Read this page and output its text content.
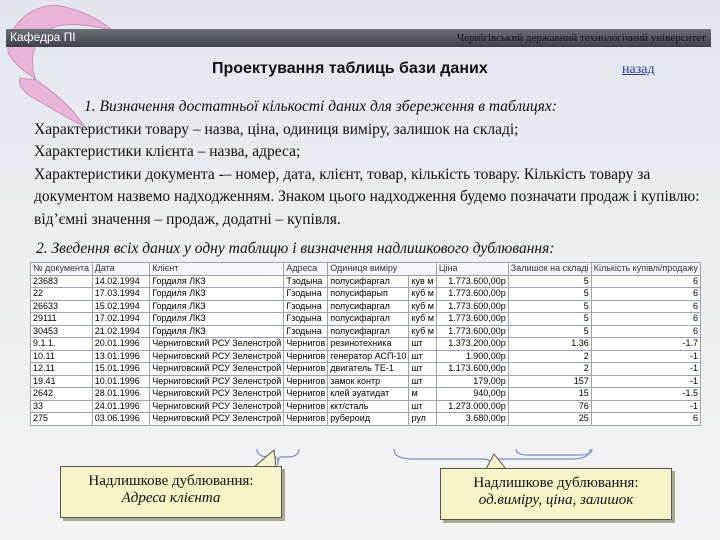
Кафедра ПІ	Чернігівський державний технологічний університет
Проектування таблиць бази даних	назад

1. Визначення достатньої кількості даних для збереження в таблицях:

Характеристики товару – назва, ціна, одиниця виміру, залишок на складі;

Характеристики клієнта – назва, адреса;

Характеристики документа -– номер, дата, клієнт, товар, кількість товару. Кількість товару за документом назвемо надходженням. Знаком цього надходження будемо позначати продаж і купівлю: від’ємні значення – продаж, додатні – купівля.

2. Зведення всіх даних у одну таблицю і визначення надлишкового дублювання:
№ документа	Дата	Клієнт	Адреса	Одиниця виміру		Ціна	Залишок на складі	Кількість купівлі/продажу
23683	14.02.1994	Гордиля ЛКЗ	Тзодына	полусифаргал	кув м	1.773.600,00р	5	6
22	17.03.1994	Гордиля ЛКЗ	Гзодына	полусифарып	куб м	1.773.600,00р	5	6
26633	15.02.1994	Гордиля ЛКЗ	Гзодына	полусифаргал	куб м	1.773.600,00р	5	6
29111	17.02.1994	Гордиля ЛКЗ	Гзодына	полусифаргал	куб м	1.773.600,00р	5	6
30453	21.02.1994	Гордиля ЛКЗ	Гзодына	полусифаргал	куб м	1.773.600,00р	5	6
9.1.1.	20.01.1996	Черниговский РСУ Зеленстрой	Чернигов	резинотехника	шт	1.373.200,00р	1.36	-1.7
10.11	13.01.1996	Черниговский РСУ Зеленстрой	Чернигов	генератор АСП-10	шт	1.900,00р	2	-1
12.11	15.01.1996	Черниговский РСУ Зеленстрой	Чернигов	двигатель ТЕ-1	шт	1.173.600,00р	2	-1
19.41	10.01.1996	Черниговский РСУ Зеленстрой	Чернигов	замок контр	шт	179,00р	157	-1
2642	28.01.1996	Черниговский РСУ Зеленстрой	Чернигов	клей эуатидат	м	940,00р	15	-1.5
33	24.01.1996	Черниговский РСУ Зеленстрой	Чернигов	ккт/сталь	шт	1.273.000,00р	76	-1
275	03.06.1996	Черниговский РСУ Зеленстрой	Чернигов	рубероид	рул	3.680,00р	25	6
Надлишкове дублювання:
Адреса клієнта
Надлишкове дублювання:
од.виміру, ціна, залишок
